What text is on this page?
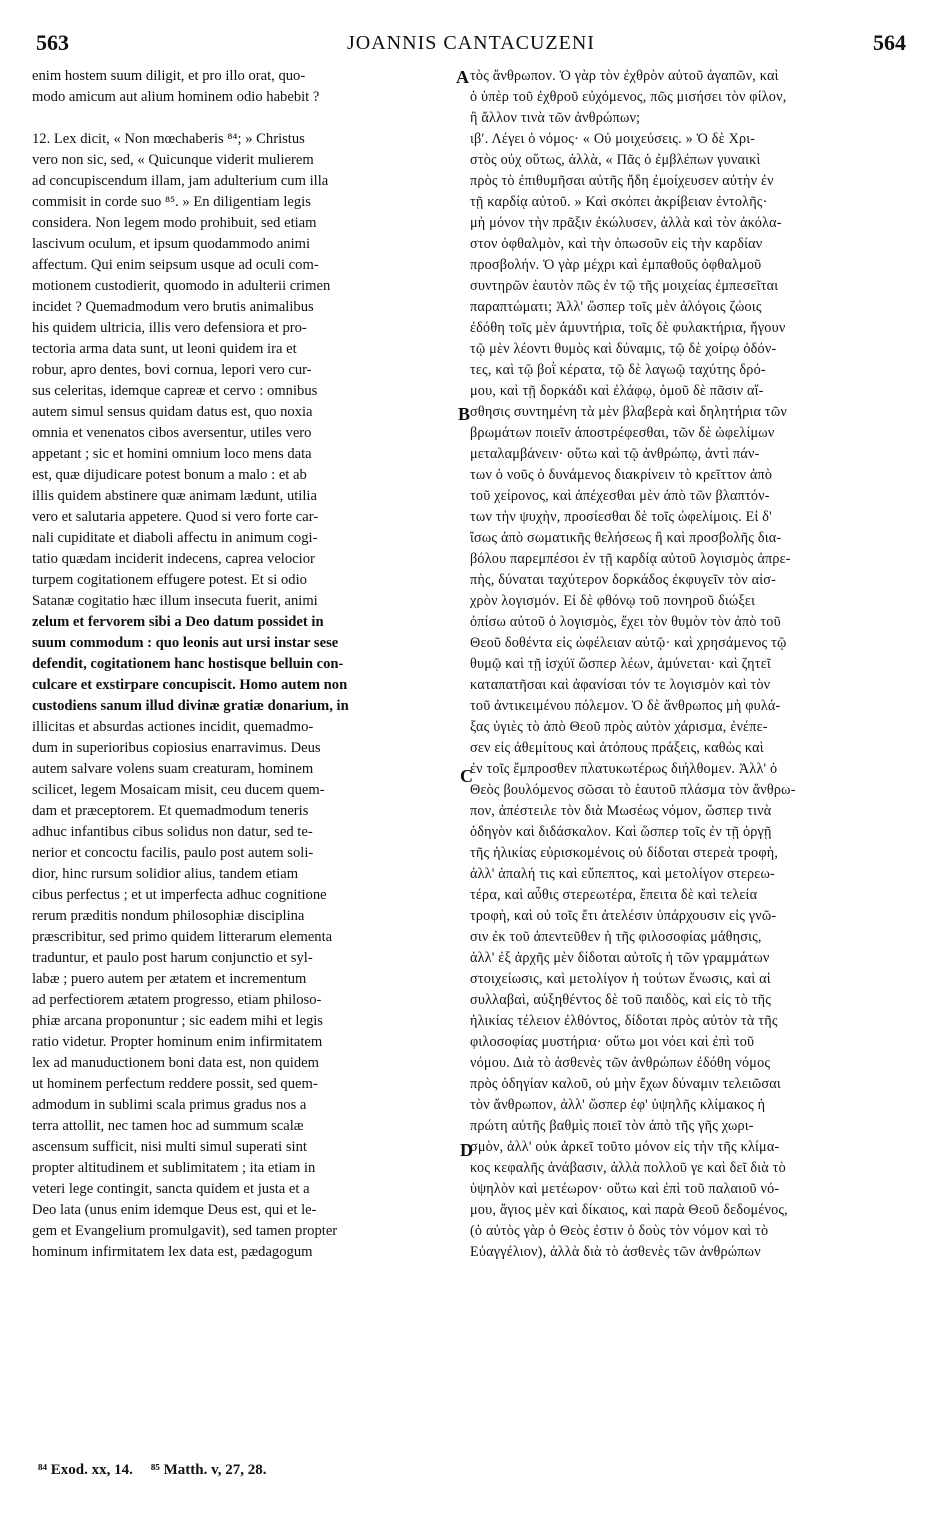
563	JOANNIS CANTACUZENI	564
enim hostem suum diligit, et pro illo orat, quo-
modo amicum aut alium hominem odio habebit ?
12. Lex dicit, « Non mœchaberis ⁸⁴; » Christus
vero non sic, sed, « Quicunque viderit mulierem
ad concupiscendum illam, jam adulterium cum illa
commisit in corde suo ⁸⁵. » En diligentiam legis
considera. Non legem modo prohibuit, sed etiam
lascivum oculum, et ipsum quodammodo animi
affectum. Qui enim seipsum usque ad oculi com-
motionem custodierit, quomodo in adulterii crimen
incidet ? Quemadmodum vero brutis animalibus
his quidem ultricia, illis vero defensiora et pro-
tectoria arma data sunt, ut leoni quidem ira et
robur, apro dentes, bovi cornua, lepori vero cur-
sus celeritas, idemque capreæ et cervo : omnibus
autem simul sensus quidam datus est, quo noxia
omnia et venenatos cibos aversentur, utiles vero
appetant ; sic et homini omnium loco mens data
est, quæ dijudicare potest bonum a malo : et ab
illis quidem abstinere quæ animam lædunt, utilia
vero et salutaria appetere. Quod si vero forte car-
nali cupiditate et diaboli affectu in animum cogi-
tatio quædam inciderit indecens, caprea velocior
turpem cogitationem effugere potest. Et si odio
Satanæ cogitatio hæc illum insecuta fuerit, animi
zelum et fervorem sibi a Deo datum possidet in
suum commodum : quo leonis aut ursi instar sese
defendit, cogitationem hanc hostisque belluin con-
culcare et exstirpare concupiscit. Homo autem non
custodiens sanum illud divinæ gratiæ donarium, in
illicitas et absurdas actiones incidit, quemadmo-
dum in superioribus copiosius enarravimus. Deus
autem salvare volens suam creaturam, hominem
scilicet, legem Mosaicam misit, ceu ducem quem-
dam et præceptorem. Et quemadmodum teneris
adhuc infantibus cibus solidus non datur, sed te-
nerior et concoctu facilis, paulo post autem soli-
dior, hinc rursum solidior alius, tandem etiam
cibus perfectus ; et ut imperfecta adhuc cognitione
rerum præditis nondum philosophiæ disciplina
præscribitur, sed primo quidem litterarum elementa
traduntur, et paulo post harum conjunctio et syl-
labæ ; puero autem per ætatem et incrementum
ad perfectiorem ætatem progresso, etiam philoso-
phiæ arcana proponuntur ; sic eadem mihi et legis
ratio videtur. Propter hominum enim infirmitatem
lex ad manuductionem boni data est, non quidem
ut hominem perfectum reddere possit, sed quem-
admodum in sublimi scala primus gradus nos a
terra attollit, nec tamen hoc ad summum scalæ
ascensum sufficit, nisi multi simul superati sint
propter altitudinem et sublimitatem ; ita etiam in
veteri lege contingit, sancta quidem et justa et a
Deo lata (unus enim idemque Deus est, qui et le-
gem et Evangelium promulgavit), sed tamen propter
hominum infirmitatem lex data est, pædagogum
τὸς ἄνθρωπον. Ὁ γὰρ τὸν ἐχθρὸν αὐτοῦ ἀγαπῶν, καὶ
ὁ ὑπὲρ τοῦ ἐχθροῦ εὐχόμενος, πῶς μισήσει τὸν φίλον,
ἢ ἄλλον τινὰ τῶν ἀνθρώπων;
ιβʹ. Λέγει ὁ νόμος· « Οὐ μοιχεύσεις. » Ὁ δὲ Χρι-
στὸς οὐχ οὕτως, ἀλλὰ, « Πᾶς ὁ ἐμβλέπων γυναικὶ
πρὸς τὸ ἐπιθυμῆσαι αὐτῆς ἤδη ἐμοίχευσεν αὐτὴν ἐν
τῇ καρδίᾳ αὐτοῦ. » Καὶ σκόπει ἀκρίβειαν ἐντολῆς·
μὴ μόνον τὴν πρᾶξιν ἐκώλυσεν, ἀλλὰ καὶ τὸν ἀκόλα-
στον ὀφθαλμὸν, καὶ τὴν ὁπωσοῦν εἰς τὴν καρδίαν
προσβολήν. Ὁ γὰρ μέχρι καὶ ἐμπαθοῦς ὀφθαλμοῦ
συντηρῶν ἑαυτὸν πῶς ἐν τῷ τῆς μοιχείας ἐμπεσεῖται
παραπτώματι; Ἀλλ' ὥσπερ τοῖς μὲν ἀλόγοις ζώοις
ἐδόθη τοῖς μὲν ἀμυντήρια, τοῖς δὲ φυλακτήρια, ἤγουν
τῷ μὲν λέοντι θυμὸς καὶ δύναμις, τῷ δὲ χοίρῳ ὀδόν-
τες, καὶ τῷ βοῒ κέρατα, τῷ δὲ λαγωῷ ταχύτης δρό-
μου, καὶ τῇ δορκάδι καὶ ἐλάφῳ, ὁμοῦ δὲ πᾶσιν αἴ-
σθησις συντημένη τὰ μὲν βλαβερὰ καὶ δηλητήρια τῶν
βρωμάτων ποιεῖν ἀποστρέφεσθαι, τῶν δὲ ὠφελίμων
μεταλαμβάνειν· οὕτω καὶ τῷ ἀνθρώπῳ, ἀντὶ πάν-
των ὁ νοῦς ὁ δυνάμενος διακρίνειν τὸ κρεῖττον ἀπὸ
τοῦ χείρονος, καὶ ἀπέχεσθαι μὲν ἀπὸ τῶν βλαπτόν-
των τὴν ψυχὴν, προσίεσθαι δὲ τοῖς ὠφελίμοις. Εἰ δ'
ἴσως ἀπὸ σωματικῆς θελήσεως ἢ καὶ προσβολῆς δια-
βόλου παρεμπέσοι ἐν τῇ καρδίᾳ αὐτοῦ λογισμὸς ἀπρε-
πὴς, δύναται ταχύτερον δορκάδος ἐκφυγεῖν τὸν αἰσ-
χρὸν λογισμόν. Εἰ δὲ φθόνῳ τοῦ πονηροῦ διώξει
ὀπίσω αὐτοῦ ὁ λογισμὸς, ἔχει τὸν θυμὸν τὸν ἀπὸ τοῦ
Θεοῦ δοθέντα εἰς ὠφέλειαν αὐτῷ· καὶ χρησάμενος τῷ
θυμῷ καὶ τῇ ἰσχύϊ ὥσπερ λέων, ἀμύνεται· καὶ ζητεῖ
καταπατῆσαι καὶ ἀφανίσαι τόν τε λογισμὸν καὶ τὸν
τοῦ ἀντικειμένου πόλεμον. Ὁ δὲ ἄνθρωπος μὴ φυλά-
ξας ὑγιὲς τὸ ἀπὸ Θεοῦ πρὸς αὐτὸν χάρισμα, ἐνέπε-
σεν εἰς ἀθεμίτους καὶ ἀτόπους πράξεις, καθὼς καὶ
ἐν τοῖς ἔμπροσθεν πλατυκωτέρως διήλθομεν. Ἀλλ' ὁ
Θεὸς βουλόμενος σῶσαι τὸ ἑαυτοῦ πλάσμα τὸν ἄνθρω-
πον, ἀπέστειλε τὸν διὰ Μωσέως νόμον, ὥσπερ τινὰ
ὁδηγὸν καὶ διδάσκαλον. Καὶ ὥσπερ τοῖς ἐν τῇ ὀργῇ
τῆς ἡλικίας εὑρισκομένοις οὐ δίδοται στερεὰ τροφὴ,
ἀλλ' ἁπαλή τις καὶ εὔπεπτος, καὶ μετολίγον στερεω-
τέρα, καὶ αὖθις στερεωτέρα, ἔπειτα δὲ καὶ τελεία
τροφὴ, καὶ οὐ τοῖς ἔτι ἀτελέσιν ὑπάρχουσιν εἰς γνῶ-
σιν ἐκ τοῦ ἀπεντεῦθεν ἡ τῆς φιλοσοφίας μάθησις,
ἀλλ' ἐξ ἀρχῆς μὲν δίδοται αὐτοῖς ἡ τῶν γραμμάτων
στοιχείωσις, καὶ μετολίγον ἡ τούτων ἕνωσις, καὶ αἱ
συλλαβαὶ, αὐξηθέντος δὲ τοῦ παιδὸς, καὶ εἰς τὸ τῆς
ἡλικίας τέλειον ἐλθόντος, δίδοται πρὸς αὐτὸν τὰ τῆς
φιλοσοφίας μυστήρια· οὕτω μοι νόει καὶ ἐπὶ τοῦ
νόμου. Διὰ τὸ ἀσθενὲς τῶν ἀνθρώπων ἐδόθη νόμος
πρὸς ὁδηγίαν καλοῦ, οὐ μὴν ἔχων δύναμιν τελειῶσαι
τὸν ἄνθρωπον, ἀλλ' ὥσπερ ἐφ' ὑψηλῆς κλίμακος ἡ
πρώτη αὐτῆς βαθμὶς ποιεῖ τὸν ἀπὸ τῆς γῆς χωρι-
σμὸν, ἀλλ' οὐκ ἀρκεῖ τοῦτο μόνον εἰς τὴν τῆς κλίμα-
κος κεφαλῆς ἀνάβασιν, ἀλλὰ πολλοῦ γε καὶ δεῖ διὰ τὸ
ὑψηλὸν καὶ μετέωρον· οὕτω καὶ ἐπὶ τοῦ παλαιοῦ νό-
μου, ἅγιος μὲν καὶ δίκαιος, καὶ παρὰ Θεοῦ δεδομένος,
(ὁ αὐτὸς γὰρ ὁ Θεὸς ἐστιν ὁ δοὺς τὸν νόμον καὶ τὸ
Εὐαγγέλιον), ἀλλὰ διὰ τὸ ἀσθενὲς τῶν ἀνθρώπων
A
B
C
D
⁸⁴ Exod. xx, 14. ⁸⁵ Matth. v, 27, 28.
